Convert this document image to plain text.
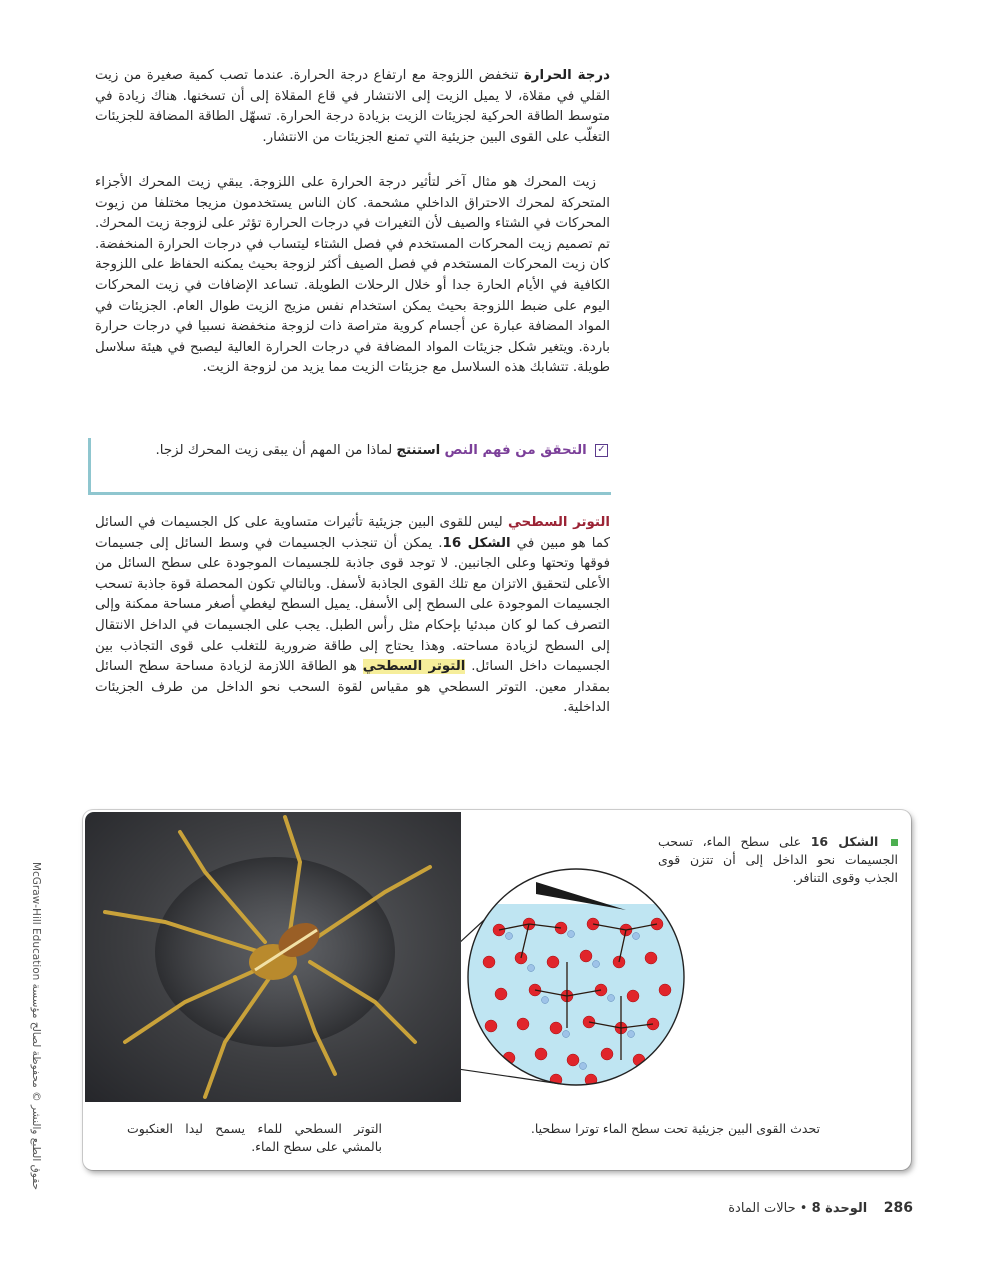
درجة الحرارة تنخفض اللزوجة مع ارتفاع درجة الحرارة. عندما تصب كمية صغيرة من زيت القلي في مقلاة، لا يميل الزيت إلى الانتشار في قاع المقلاة إلى أن تسخنها. هناك زيادة في متوسط الطاقة الحركية لجزيئات الزيت بزيادة درجة الحرارة. تسهّل الطاقة المضافة للجزيئات التغلّب على القوى البين جزيئية التي تمنع الجزيئات من الانتشار.

زيت المحرك هو مثال آخر لتأثير درجة الحرارة على اللزوجة. يبقي زيت المحرك الأجزاء المتحركة لمحرك الاحتراق الداخلي مشحمة. كان الناس يستخدمون مزيجا مختلفا من زيوت المحركات في الشتاء والصيف لأن التغيرات في درجات الحرارة تؤثر على لزوجة زيت المحرك. تم تصميم زيت المحركات المستخدم في فصل الشتاء ليتساب في درجات الحرارة المنخفضة. كان زيت المحركات المستخدم في فصل الصيف أكثر لزوجة بحيث يمكنه الحفاظ على اللزوجة الكافية في الأيام الحارة جدا أو خلال الرحلات الطويلة. تساعد الإضافات في زيت المحركات اليوم على ضبط اللزوجة بحيث يمكن استخدام نفس مزيج الزيت طوال العام. الجزيئات في المواد المضافة عبارة عن أجسام كروية متراصة ذات لزوجة منخفضة نسبيا في درجات حرارة باردة. ويتغير شكل جزيئات المواد المضافة في درجات الحرارة العالية ليصبح في هيئة سلاسل طويلة. تتشابك هذه السلاسل مع جزيئات الزيت مما يزيد من لزوجة الزيت.

✓ التحقق من فهم النص استنتج لماذا من المهم أن يبقى زيت المحرك لزجا.

التوتر السطحي ليس للقوى البين جزيئية تأثيرات متساوية على كل الجسيمات في السائل كما هو مبين في الشكل 16. يمكن أن تنجذب الجسيمات في وسط السائل إلى جسيمات فوقها وتحتها وعلى الجانبين. لا توجد قوى جاذبة للجسيمات الموجودة على سطح السائل من الأعلى لتحقيق الاتزان مع تلك القوى الجاذبة لأسفل. وبالتالي تكون المحصلة قوة جاذبة تسحب الجسيمات الموجودة على السطح إلى الأسفل. يميل السطح ليغطي أصغر مساحة ممكنة وإلى التصرف كما لو كان مبدئيا بإحكام مثل رأس الطبل. يجب على الجسيمات في الداخل الانتقال إلى السطح لزيادة مساحته. وهذا يحتاج إلى طاقة ضرورية للتغلب على قوى التجاذب بين الجسيمات داخل السائل. التوتر السطحي هو الطاقة اللازمة لزيادة مساحة سطح السائل بمقدار معين. التوتر السطحي هو مقياس لقوة السحب نحو الداخل من طرف الجزيئات الداخلية.

الشكل 16 على سطح الماء، تسحب الجسيمات نحو الداخل إلى أن تتزن قوى الجذب وقوى التنافر.

التوتر السطحي للماء يسمح ليدا العنكبوت بالمشي على سطح الماء.

تحدث القوى البين جزيئية تحت سطح الماء توترا سطحيا.

حقوق الطبع والنشر © محفوظة لصالح مؤسسة McGraw-Hill Education
286    الوحدة 8 • حالات المادة
